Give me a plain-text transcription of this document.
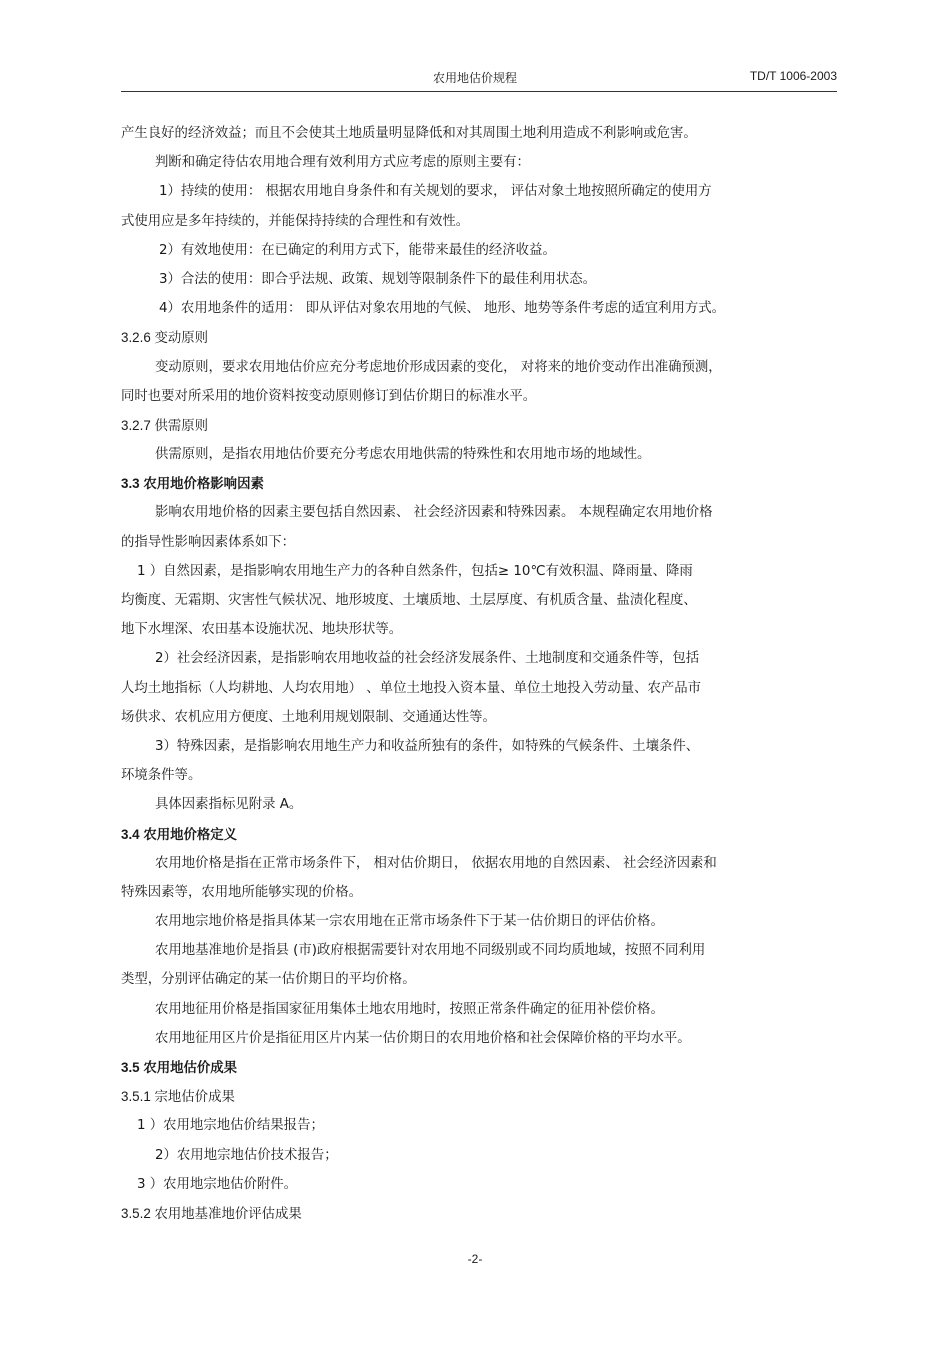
农用地估价规程	TD/T 1006-2003
产生良好的经济效益；而且不会使其土地质量明显降低和对其周围土地利用造成不利影响或危害。
判断和确定待估农用地合理有效利用方式应考虑的原则主要有：
1）持续的使用： 根据农用地自身条件和有关规划的要求， 评估对象土地按照所确定的使用方
式使用应是多年持续的，并能保持持续的合理性和有效性。
2）有效地使用：在已确定的利用方式下，能带来最佳的经济收益。
3）合法的使用：即合乎法规、政策、规划等限制条件下的最佳利用状态。
4）农用地条件的适用： 即从评估对象农用地的气候、 地形、地势等条件考虑的适宜利用方式。
3.2.6 变动原则
变动原则，要求农用地估价应充分考虑地价形成因素的变化， 对将来的地价变动作出准确预测，
同时也要对所采用的地价资料按变动原则修订到估价期日的标准水平。
3.2.7 供需原则
供需原则，是指农用地估价要充分考虑农用地供需的特殊性和农用地市场的地域性。
3.3 农用地价格影响因素
影响农用地价格的因素主要包括自然因素、 社会经济因素和特殊因素。 本规程确定农用地价格
的指导性影响因素体系如下：
1 ）自然因素，是指影响农用地生产力的各种自然条件，包括≥ 10℃有效积温、降雨量、降雨
均衡度、无霜期、灾害性气候状况、地形坡度、土壤质地、土层厚度、有机质含量、盐渍化程度、
地下水埋深、农田基本设施状况、地块形状等。
2）社会经济因素，是指影响农用地收益的社会经济发展条件、土地制度和交通条件等，包括
人均土地指标（人均耕地、人均农用地） 、单位土地投入资本量、单位土地投入劳动量、农产品市
场供求、农机应用方便度、土地利用规划限制、交通通达性等。
3）特殊因素，是指影响农用地生产力和收益所独有的条件，如特殊的气候条件、土壤条件、
环境条件等。
具体因素指标见附录 A。
3.4 农用地价格定义
农用地价格是指在正常市场条件下， 相对估价期日， 依据农用地的自然因素、 社会经济因素和
特殊因素等，农用地所能够实现的价格。
农用地宗地价格是指具体某一宗农用地在正常市场条件下于某一估价期日的评估价格。
农用地基准地价是指县 (市)政府根据需要针对农用地不同级别或不同均质地域，按照不同利用
类型，分别评估确定的某一估价期日的平均价格。
农用地征用价格是指国家征用集体土地农用地时，按照正常条件确定的征用补偿价格。
农用地征用区片价是指征用区片内某一估价期日的农用地价格和社会保障价格的平均水平。
3.5 农用地估价成果
3.5.1 宗地估价成果
1 ）农用地宗地估价结果报告；
2）农用地宗地估价技术报告；
3 ）农用地宗地估价附件。
3.5.2 农用地基准地价评估成果
-2-
